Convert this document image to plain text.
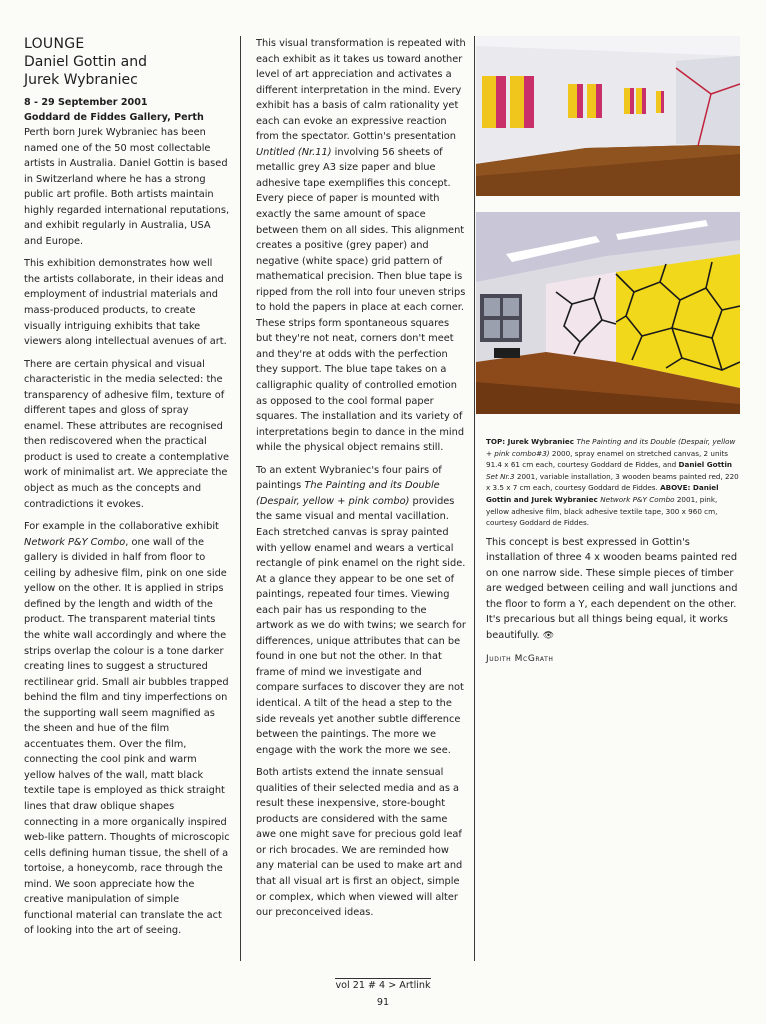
LOUNGE
Daniel Gottin and
Jurek Wybraniec
8 - 29 September 2001
Goddard de Fiddes Gallery, Perth

Perth born Jurek Wybraniec has been named one of the 50 most collectable artists in Australia. Daniel Gottin is based in Switzerland where he has a strong public art profile. Both artists maintain highly regarded international reputations, and exhibit regularly in Australia, USA and Europe.

This exhibition demonstrates how well the artists collaborate, in their ideas and employment of industrial materials and mass-produced products, to create visually intriguing exhibits that take viewers along intellectual avenues of art.

There are certain physical and visual characteristic in the media selected: the transparency of adhesive film, texture of different tapes and gloss of spray enamel. These attributes are recognised then rediscovered when the practical product is used to create a contemplative work of minimalist art. We appreciate the object as much as the concepts and contradictions it evokes.

For example in the collaborative exhibit Network P&Y Combo, one wall of the gallery is divided in half from floor to ceiling by adhesive film, pink on one side yellow on the other. It is applied in strips defined by the length and width of the product. The transparent material tints the white wall accordingly and where the strips overlap the colour is a tone darker creating lines to suggest a structured rectilinear grid. Small air bubbles trapped behind the film and tiny imperfections on the supporting wall seem magnified as the sheen and hue of the film accentuates them. Over the film, connecting the cool pink and warm yellow halves of the wall, matt black textile tape is employed as thick straight lines that draw oblique shapes connecting in a more organically inspired web-like pattern. Thoughts of microscopic cells defining human tissue, the shell of a tortoise, a honeycomb, race through the mind. We soon appreciate how the creative manipulation of simple functional material can translate the act of looking into the art of seeing.

This visual transformation is repeated with each exhibit as it takes us toward another level of art appreciation and activates a different interpretation in the mind. Every exhibit has a basis of calm rationality yet each can evoke an expressive reaction from the spectator. Gottin's presentation Untitled (Nr.11) involving 56 sheets of metallic grey A3 size paper and blue adhesive tape exemplifies this concept. Every piece of paper is mounted with exactly the same amount of space between them on all sides. This alignment creates a positive (grey paper) and negative (white space) grid pattern of mathematical precision. Then blue tape is ripped from the roll into four uneven strips to hold the papers in place at each corner. These strips form spontaneous squares but they're not neat, corners don't meet and they're at odds with the perfection they support. The blue tape takes on a calligraphic quality of controlled emotion as opposed to the cool formal paper squares. The installation and its variety of interpretations begin to dance in the mind while the physical object remains still.

To an extent Wybraniec's four pairs of paintings The Painting and its Double (Despair, yellow + pink combo) provides the same visual and mental vacillation. Each stretched canvas is spray painted with yellow enamel and wears a vertical rectangle of pink enamel on the right side. At a glance they appear to be one set of paintings, repeated four times. Viewing each pair has us responding to the artwork as we do with twins; we search for differences, unique attributes that can be found in one but not the other. In that frame of mind we investigate and compare surfaces to discover they are not identical. A tilt of the head a step to the side reveals yet another subtle difference between the paintings. The more we engage with the work the more we see.

Both artists extend the innate sensual qualities of their selected media and as a result these inexpensive, store-bought products are considered with the same awe one might save for precious gold leaf or rich brocades. We are reminded how any material can be used to make art and that all visual art is first an object, simple or complex, which when viewed will alter our preconceived ideas.

TOP: Jurek Wybraniec The Painting and its Double (Despair, yellow + pink combo#3) 2000, spray enamel on stretched canvas, 2 units 91.4 x 61 cm each, courtesy Goddard de Fiddes, and Daniel Gottin Set Nr.3 2001, variable installation, 3 wooden beams painted red, 220 x 3.5 x 7 cm each, courtesy Goddard de Fiddes. ABOVE: Daniel Gottin and Jurek Wybraniec Network P&Y Combo 2001, pink, yellow adhesive film, black adhesive textile tape, 300 x 960 cm, courtesy Goddard de Fiddes.

This concept is best expressed in Gottin's installation of three 4 x wooden beams painted red on one narrow side. These simple pieces of timber are wedged between ceiling and wall junctions and the floor to form a Y, each dependent on the other. It's precarious but all things being equal, it works beautifully. 👁

Judith McGrath
vol 21 # 4 > Artlink
91
